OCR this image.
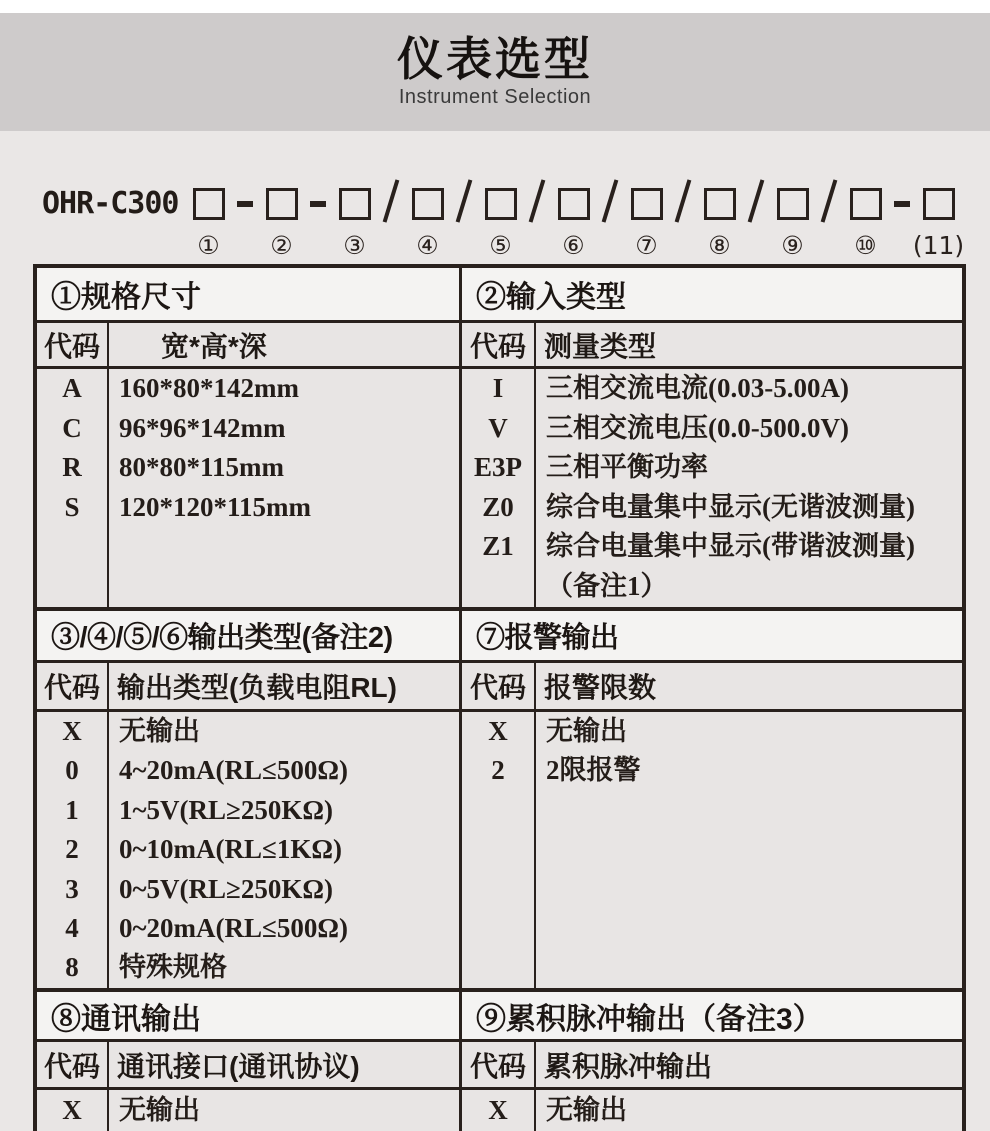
仪表选型
Instrument Selection
OHR-C300
① ② ③ ④ ⑤ ⑥ ⑦ ⑧ ⑨ ⑩ (11)
①规格尺寸
代码	宽*高*深
A
C
R
S
160*80*142mm
96*96*142mm
80*80*115mm
120*120*115mm
②输入类型
代码 测量类型
I
V
E3P
Z0
Z1
三相交流电流(0.03-5.00A)
三相交流电压(0.0-500.0V)
三相平衡功率
综合电量集中显示(无谐波测量)
综合电量集中显示(带谐波测量)
（备注1）
③/④/⑤/⑥输出类型(备注2)
代码 输出类型(负载电阻RL)
X
0
1
2
3
4
8
无输出
4~20mA(RL≤500Ω)
1~5V(RL≥250KΩ)
0~10mA(RL≤1KΩ)
0~5V(RL≥250KΩ)
0~20mA(RL≤500Ω)
特殊规格
⑦报警输出
代码 报警限数
X
2
无输出
2限报警
⑧通讯输出
代码 通讯接口(通讯协议)
X 无输出
⑨累积脉冲输出（备注3）
代码 累积脉冲输出
X 无输出
